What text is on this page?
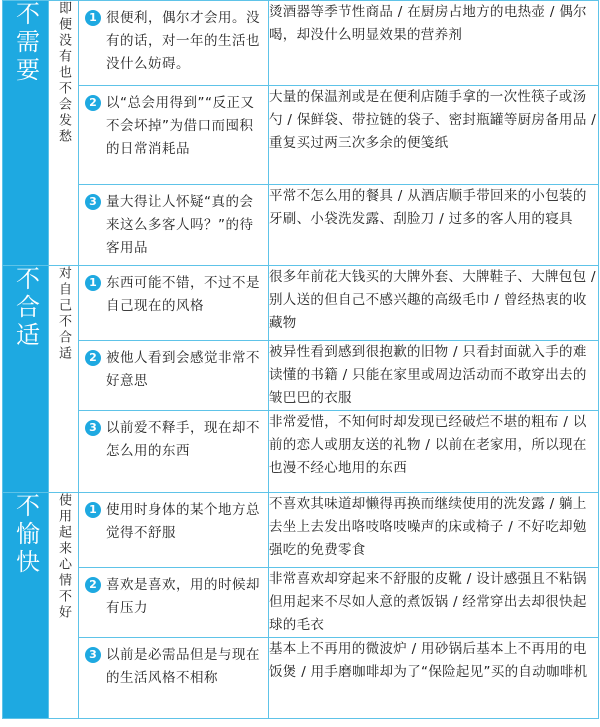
不需要	即便没有也不会发愁	1 很便利，偶尔才会用。没有的话，对一年的生活也没什么妨碍。	烫酒器等季节性商品 / 在厨房占地方的电热壶 / 偶尔喝，却没什么明显效果的营养剂

		2 以“总会用得到”“反正又不会坏掉”为借口而囤积的日常消耗品	大量的保温剂或是在便利店随手拿的一次性筷子或汤勺 / 保鲜袋、带拉链的袋子、密封瓶罐等厨房备用品 / 重复买过两三次多余的便笺纸

		3 量大得让人怀疑“真的会来这么多客人吗？”的待客用品	平常不怎么用的餐具 / 从酒店顺手带回来的小包装的牙刷、小袋洗发露、刮脸刀 / 过多的客人用的寝具
不合适	对自己不合适	1 东西可能不错，不过不是自己现在的风格	很多年前花大钱买的大牌外套、大牌鞋子、大牌包包 / 别人送的但自己不感兴趣的高级毛巾 / 曾经热衷的收藏物

		2 被他人看到会感觉非常不好意思	被异性看到感到很抱歉的旧物 / 只看封面就入手的难读懂的书籍 / 只能在家里或周边活动而不敢穿出去的皱巴巴的衣服

		3 以前爱不释手，现在却不怎么用的东西	非常爱惜，不知何时却发现已经破烂不堪的粗布 / 以前的恋人或朋友送的礼物 / 以前在老家用，所以现在也漫不经心地用的东西
不愉快	使用起来心情不好	1 使用时身体的某个地方总觉得不舒服	不喜欢其味道却懒得再换而继续使用的洗发露 / 躺上去坐上去发出咯吱咯吱噪声的床或椅子 / 不好吃却勉强吃的免费零食

		2 喜欢是喜欢，用的时候却有压力	非常喜欢却穿起来不舒服的皮靴 / 设计感强且不粘锅但用起来不尽如人意的煮饭锅 / 经常穿出去却很快起球的毛衣

		3 以前是必需品但是与现在的生活风格不相称	基本上不再用的微波炉 / 用砂锅后基本上不再用的电饭煲 / 用手磨咖啡却为了“保险起见”买的自动咖啡机
